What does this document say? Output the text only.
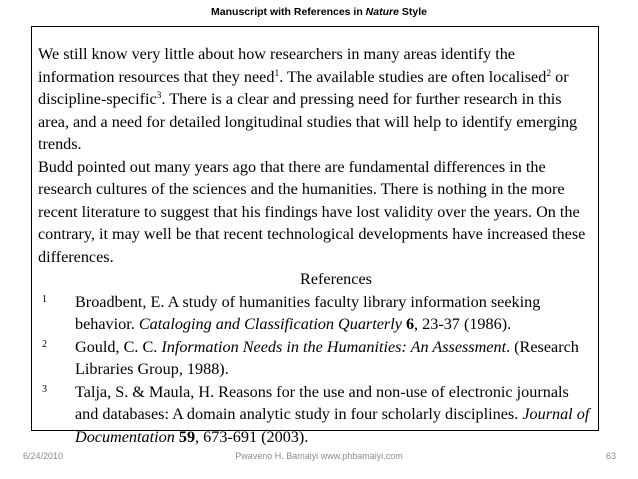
Manuscript with References in Nature Style

We still know very little about how researchers in many areas identify the information resources that they need$^1$. The available studies are often localised$^2$ or discipline-specific$^3$. There is a clear and pressing need for further research in this area, and a need for detailed longitudinal studies that will help to identify emerging trends.

Budd pointed out many years ago that there are fundamental differences in the research cultures of the sciences and the humanities. There is nothing in the more recent literature to suggest that his findings have lost validity over the years. On the contrary, it may well be that recent technological developments have increased these differences.

References
1 Broadbent, E. A study of humanities faculty library information seeking behavior. Cataloging and Classification Quarterly 6, 23-37 (1986).
2 Gould, C. C. Information Needs in the Humanities: An Assessment. (Research Libraries Group, 1988).
3 Talja, S. & Maula, H. Reasons for the use and non-use of electronic journals and databases: A domain analytic study in four scholarly disciplines. Journal of Documentation 59, 673-691 (2003).
6/24/2010	Pwaveno H. Bamaiyi www.phbamaiyi.com	63
